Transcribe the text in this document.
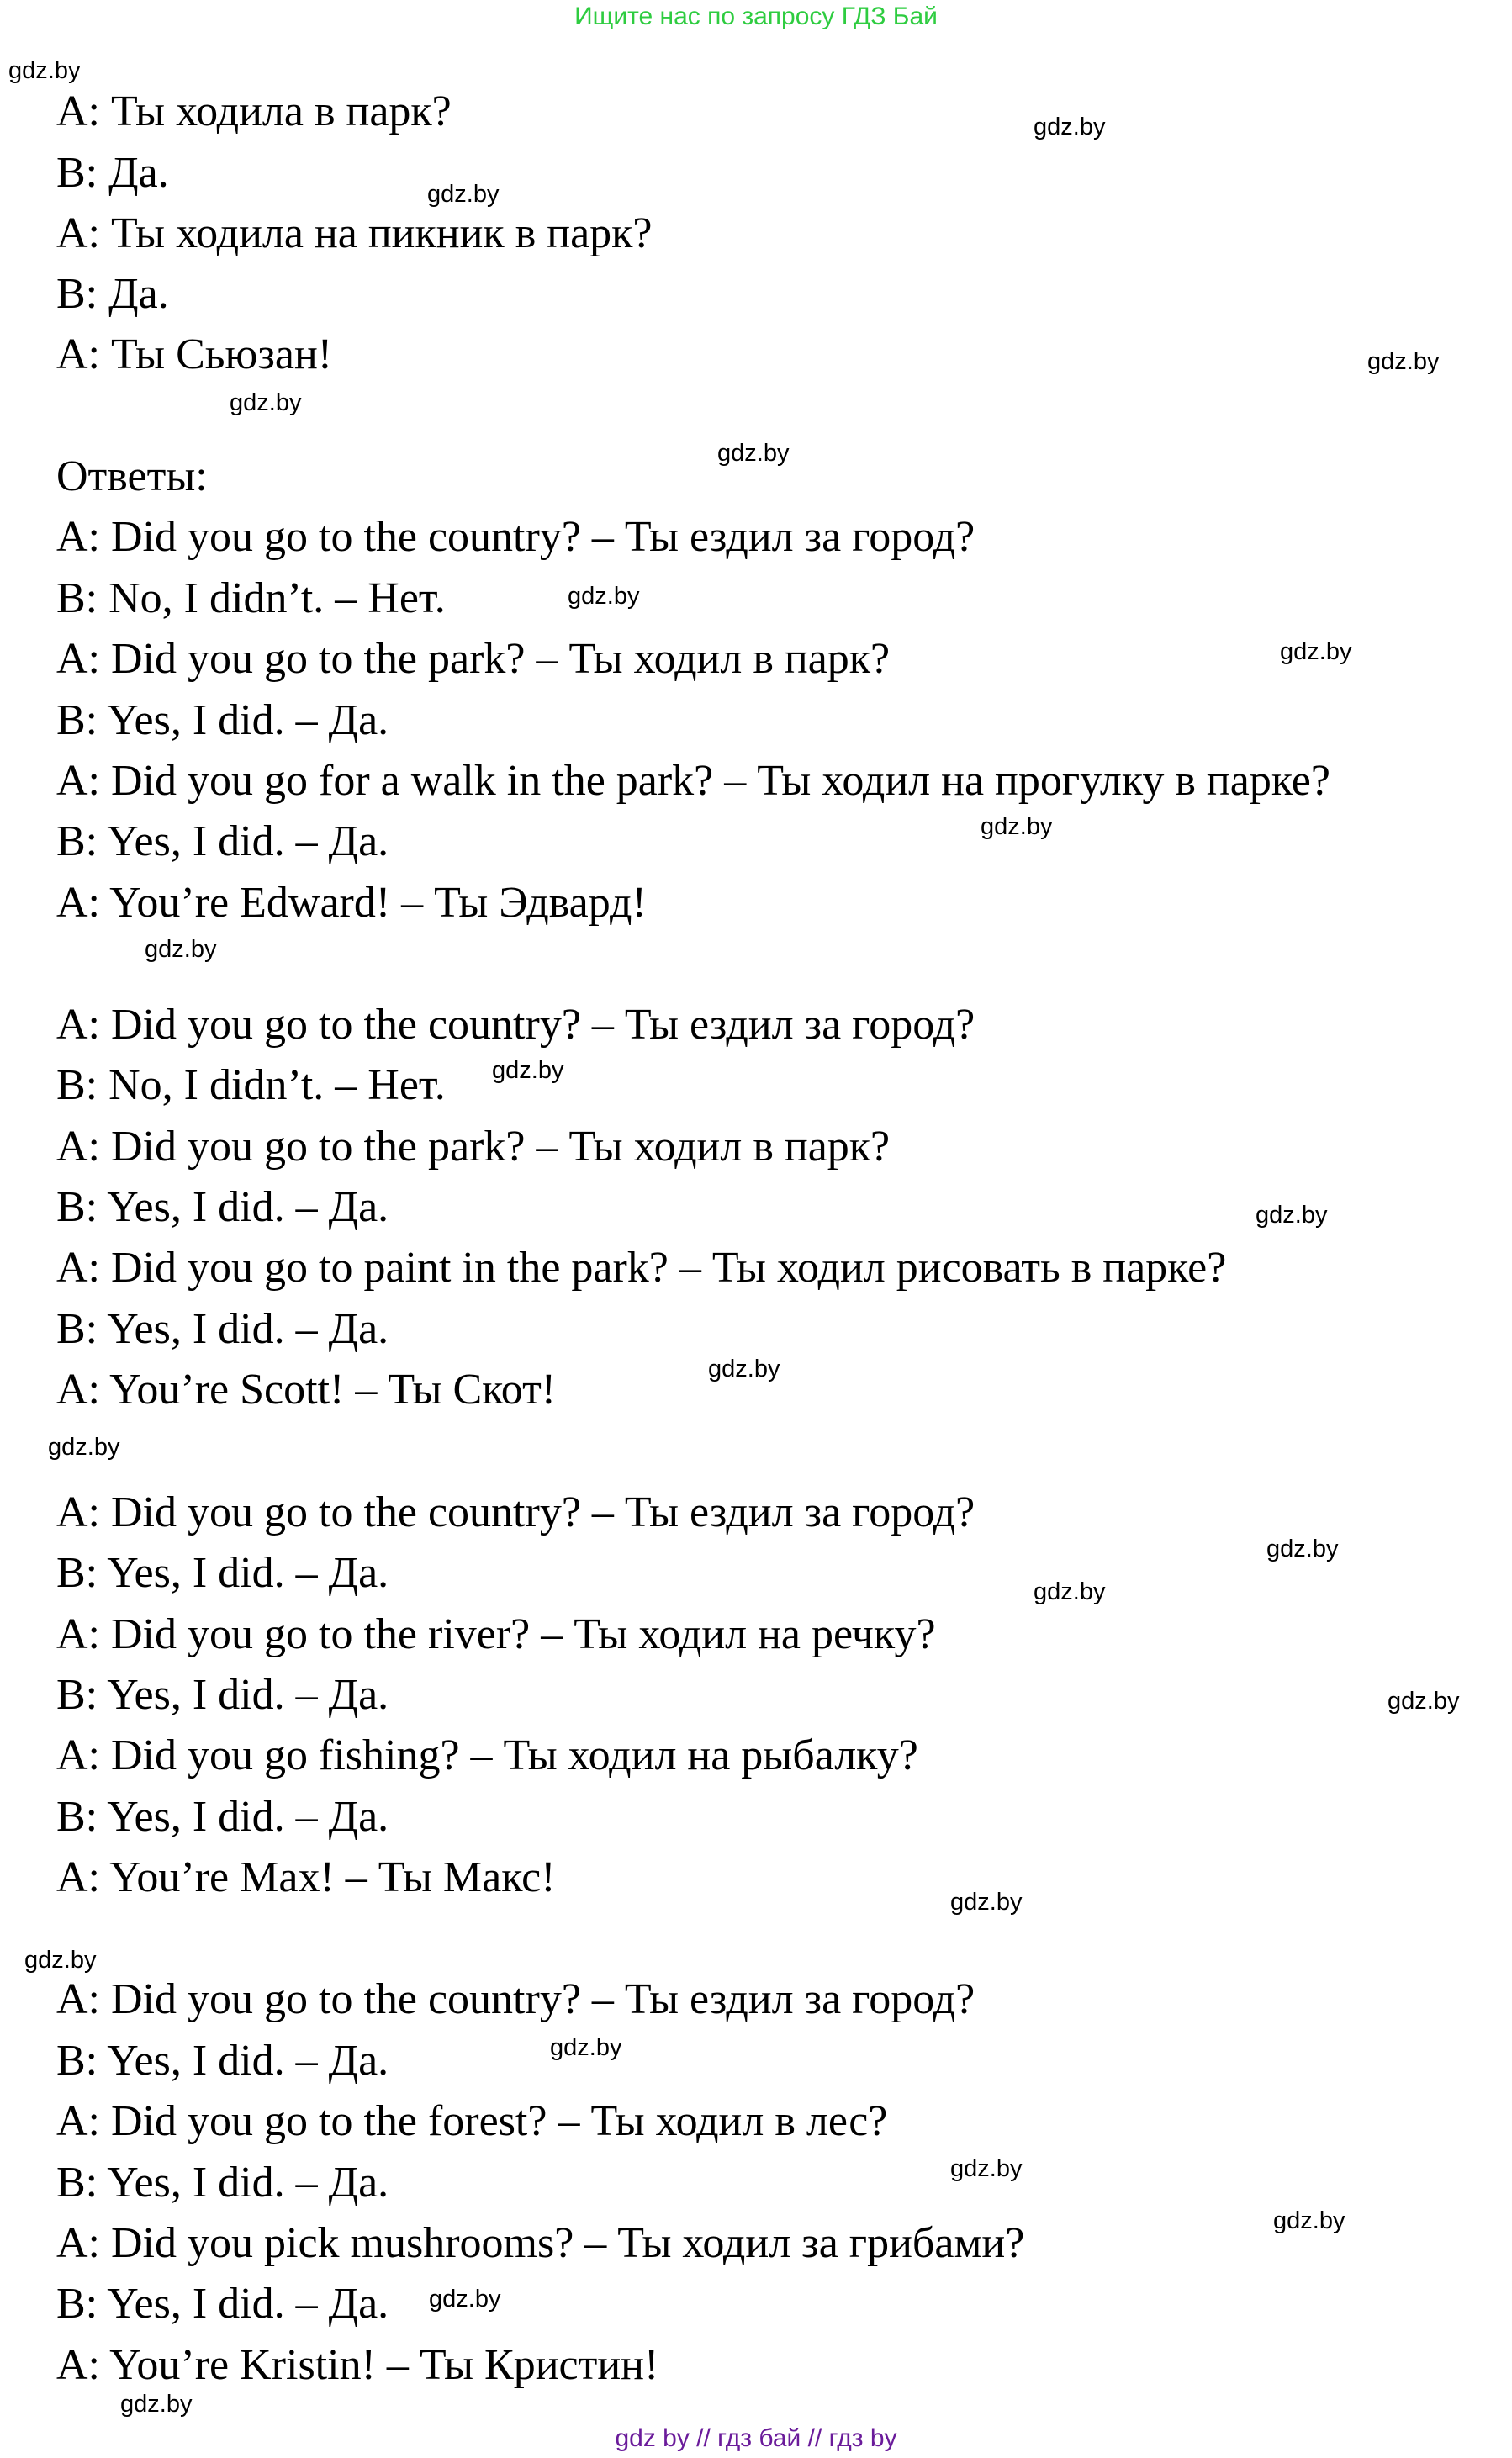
Ищите нас по запросу ГДЗ Бай
A: Ты ходила в парк?
B: Да.
A: Ты ходила на пикник в парк?
B: Да.
A: Ты Сьюзан!
Ответы:
A: Did you go to the country? – Ты ездил за город?
B: No, I didn’t. – Нет.
A: Did you go to the park? – Ты ходил в парк?
B: Yes, I did. – Да.
A: Did you go for a walk in the park? – Ты ходил на прогулку в парке?
B: Yes, I did. – Да.
A: You’re Edward! – Ты Эдвард!
A: Did you go to the country? – Ты ездил за город?
B: No, I didn’t. – Нет.
A: Did you go to the park? – Ты ходил в парк?
B: Yes, I did. – Да.
A: Did you go to paint in the park? – Ты ходил рисовать в парке?
B: Yes, I did. – Да.
A: You’re Scott! – Ты Скот!
A: Did you go to the country? – Ты ездил за город?
B: Yes, I did. – Да.
A: Did you go to the river? – Ты ходил на речку?
B: Yes, I did. – Да.
A: Did you go fishing? – Ты ходил на рыбалку?
B: Yes, I did. – Да.
A: You’re Max! – Ты Макс!
A: Did you go to the country? – Ты ездил за город?
B: Yes, I did. – Да.
A: Did you go to the forest? – Ты ходил в лес?
B: Yes, I did. – Да.
A: Did you pick mushrooms? – Ты ходил за грибами?
B: Yes, I did. – Да.
A: You’re Kristin! – Ты Кристин!
gdz.by
gdz.by
gdz.by
gdz.by
gdz.by
gdz.by
gdz.by
gdz.by
gdz.by
gdz.by
gdz.by
gdz.by
gdz.by
gdz.by
gdz.by
gdz.by
gdz.by
gdz.by
gdz.by
gdz.by
gdz.by
gdz.by
gdz.by
gdz.by
gdz by // гдз бай // гдз by
